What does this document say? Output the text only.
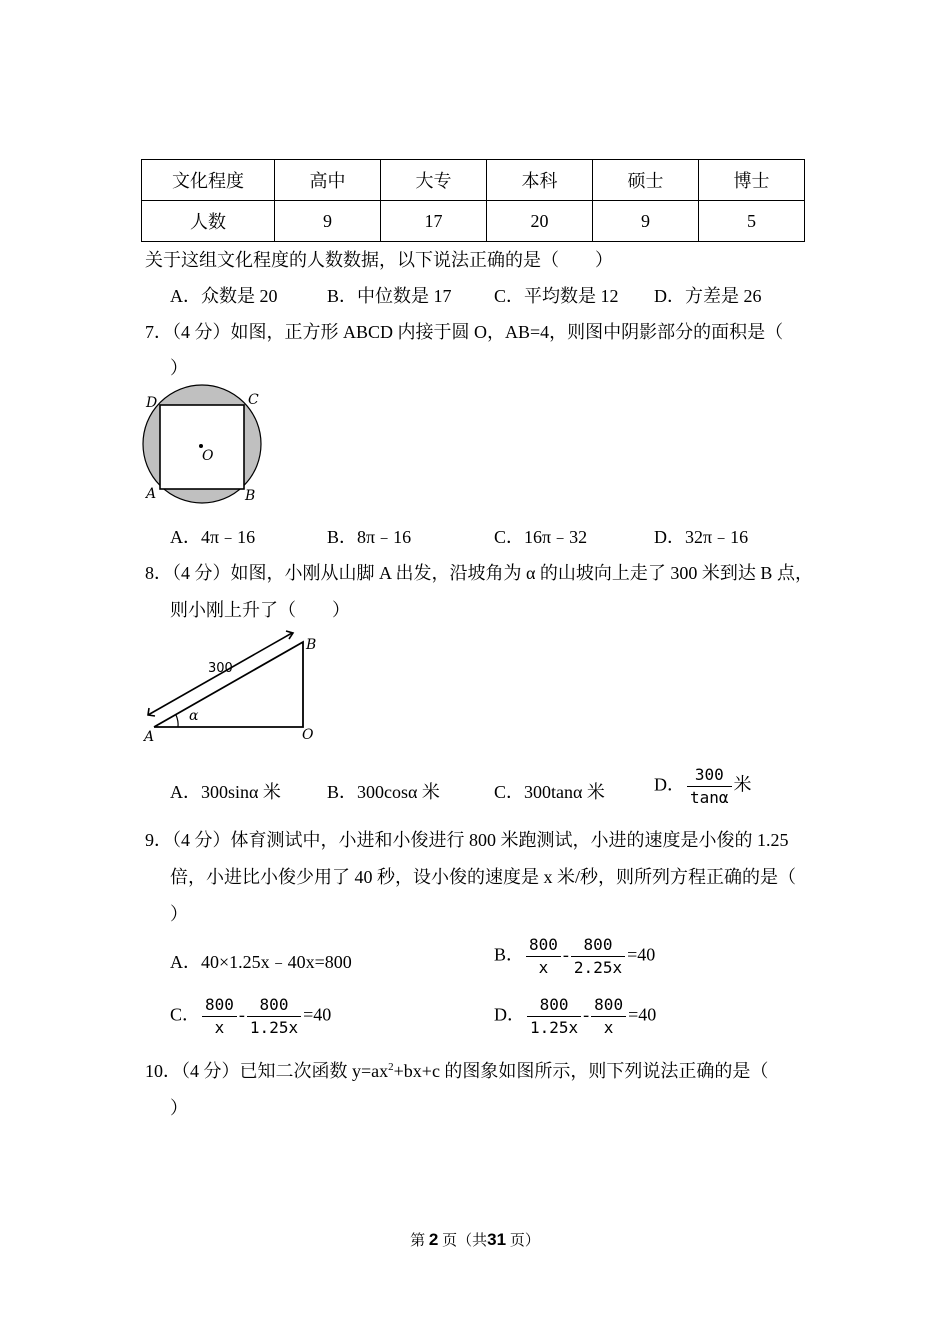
文化程度	高中	大专	本科	硕士	博士
人数	9	17	20	9	5
关于这组文化程度的人数数据，以下说法正确的是（　　）
A．众数是 20	B．中位数是 17 C．平均数是 12 D．方差是 26
7．（4 分）如图，正方形 ABCD 内接于圆 O，AB=4，则图中阴影部分的面积是（
）
D	C
A	B
O
A．4π﹣16	B．8π﹣16	C．16π﹣32	D．32π﹣16
8．（4 分）如图，小刚从山脚 A 出发，沿坡角为 α 的山坡向上走了 300 米到达 B 点，
则小刚上升了（　　）
B
300
α
A	O
A．300sinα 米	B．300cosα 米	C．300tanα 米	D． $\frac{300}{\tan\alpha}$ 米
9．（4 分）体育测试中，小进和小俊进行 800 米跑测试，小进的速度是小俊的 1.25
倍，小进比小俊少用了 40 秒，设小俊的速度是 x 米/秒，则所列方程正确的是（
）
A．40×1.25x﹣40x=800	B． $\frac{800}{x} - \frac{800}{2.25x} =40$
C． $\frac{800}{x} - \frac{800}{1.25x} =40$	D． $\frac{800}{1.25x} - \frac{800}{x} =40$
10．（4 分）已知二次函数 $y=ax^2+bx+c$ 的图象如图所示，则下列说法正确的是（
）
第 2 页（共31 页）
